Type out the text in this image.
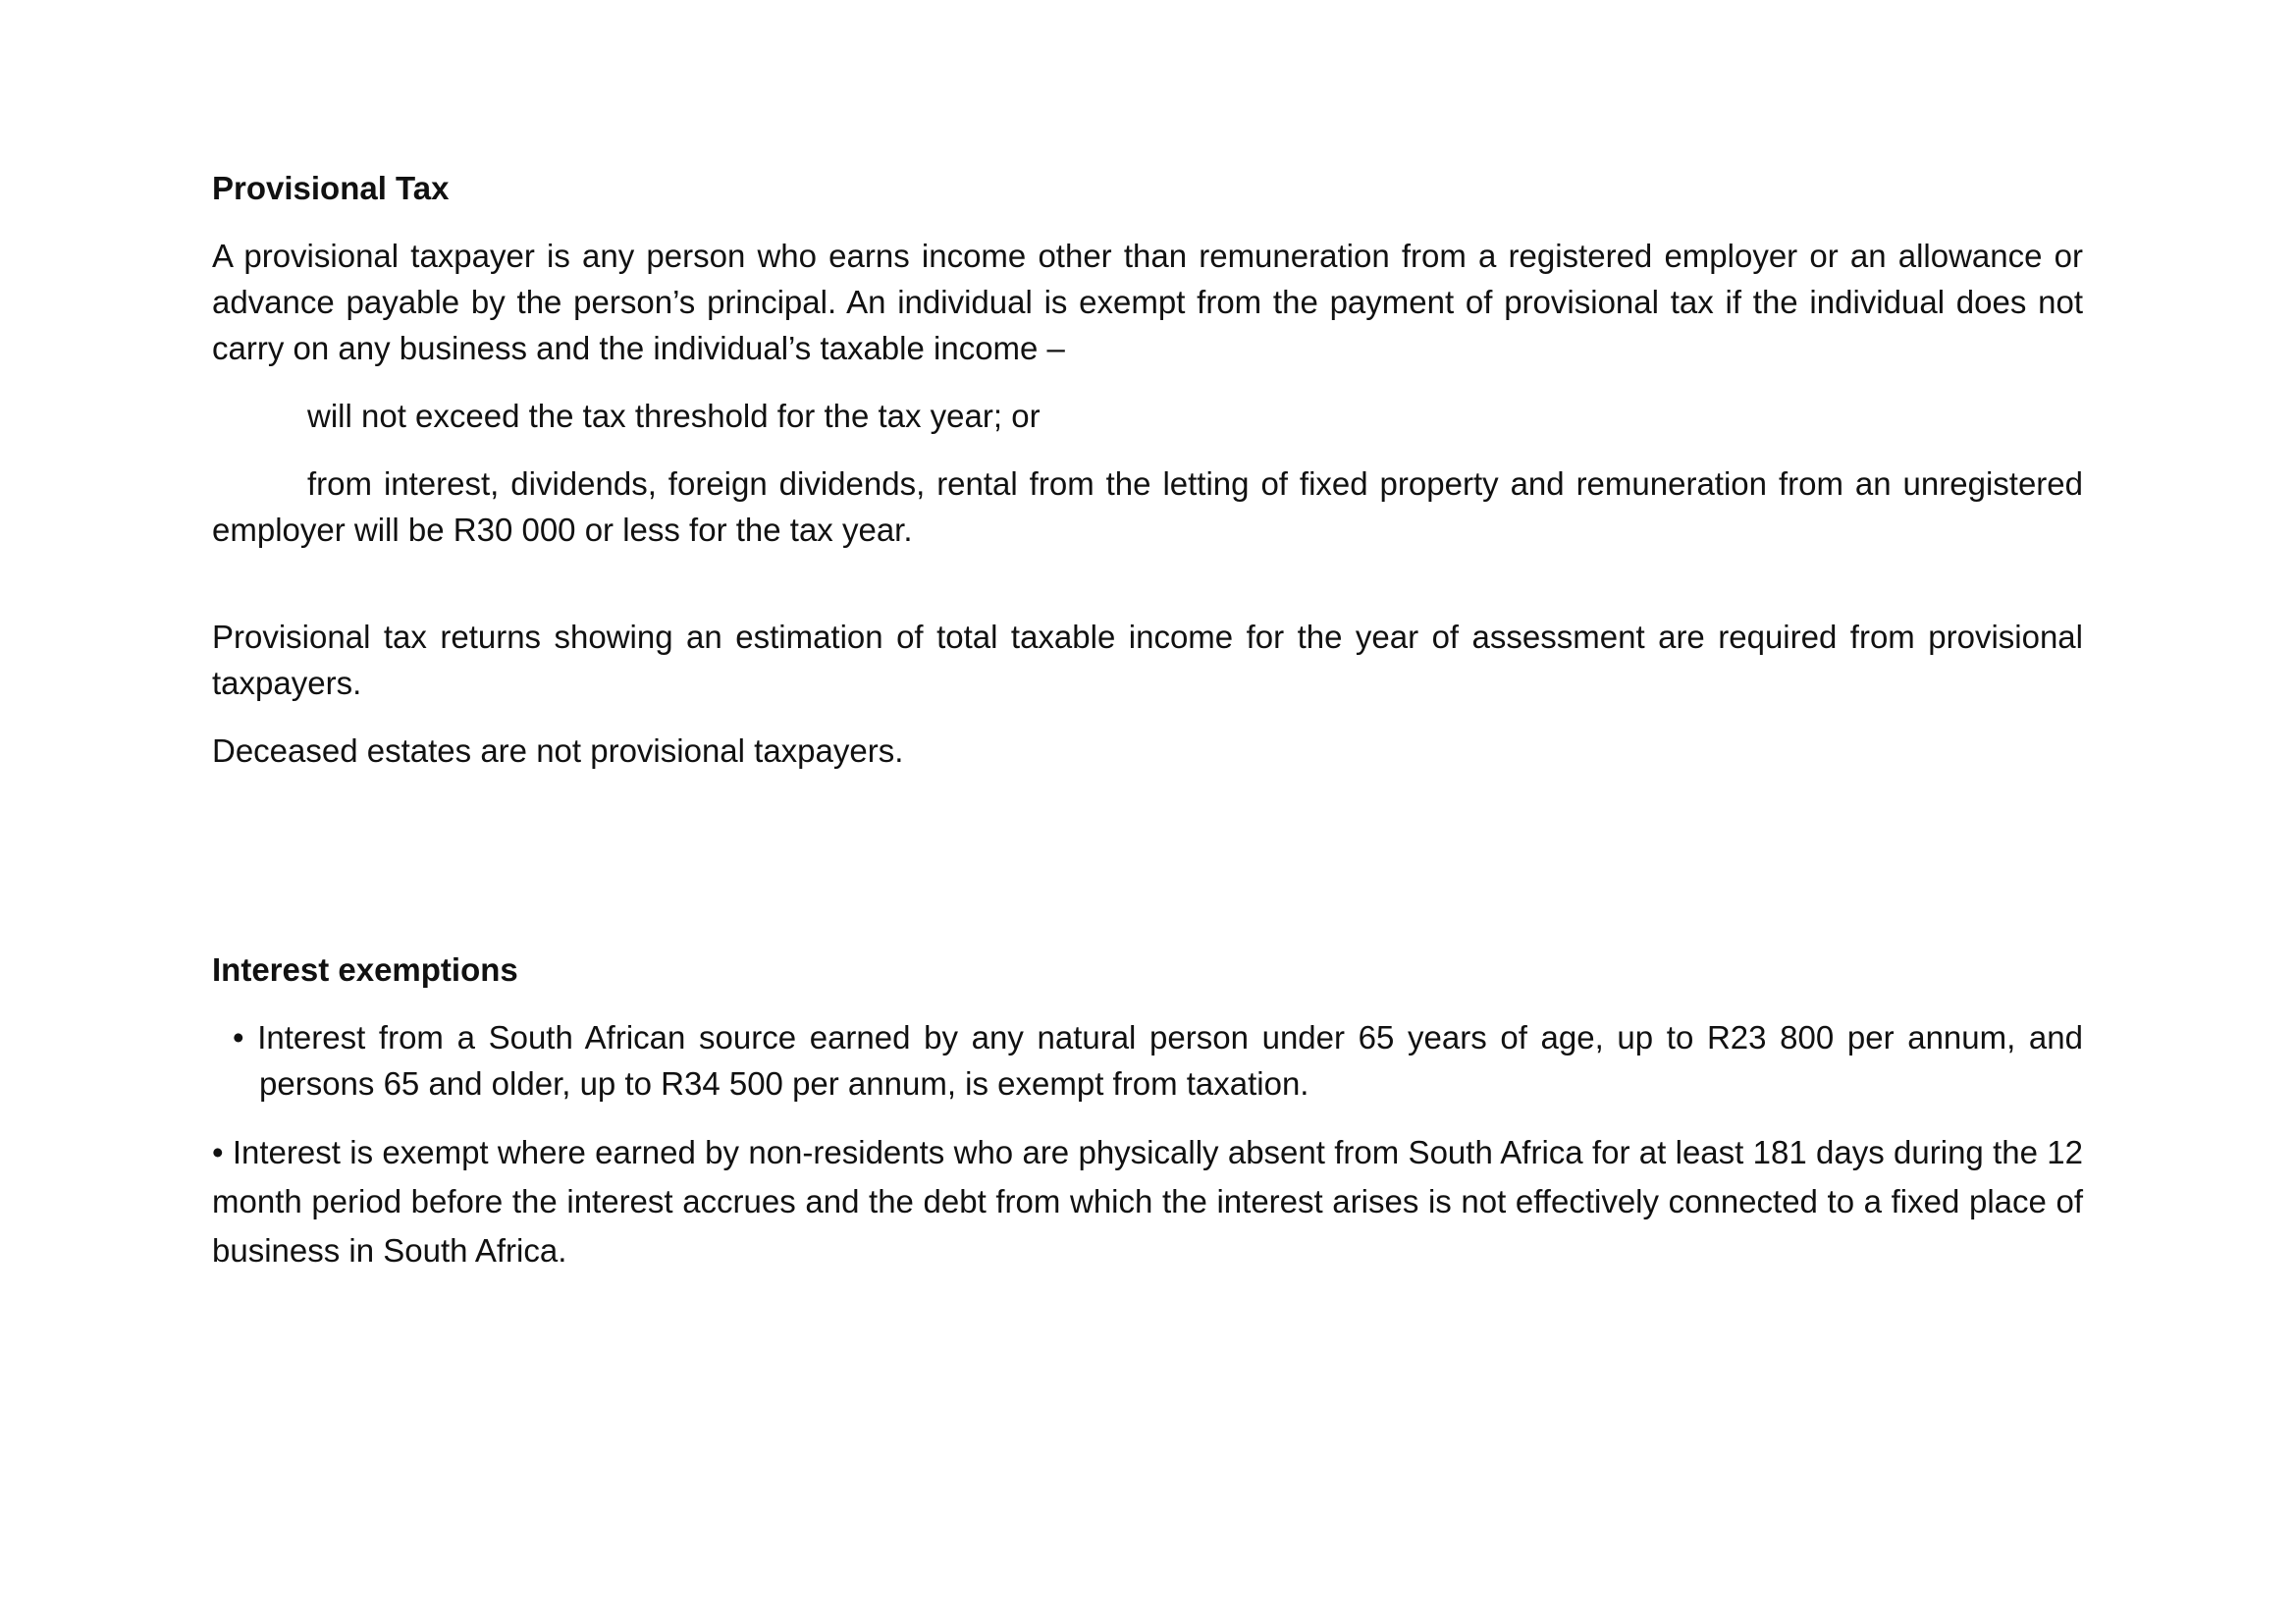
Provisional Tax

A provisional taxpayer is any person who earns income other than remuneration from a registered employer or an allowance or advance payable by the person’s principal. An individual is exempt from the payment of provisional tax if the individual does not carry on any business and the individual’s taxable income –

will not exceed the tax threshold for the tax year; or

from interest, dividends, foreign dividends, rental from the letting of fixed property and remuneration from an unregistered employer will be R30 000 or less for the tax year.

Provisional tax returns showing an estimation of total taxable income for the year of assessment are required from provisional taxpayers.

Deceased estates are not provisional taxpayers.

Interest exemptions

• Interest from a South African source earned by any natural person under 65 years of age, up to R23 800 per annum, and persons 65 and older, up to R34 500 per annum, is exempt from taxation.

• Interest is exempt where earned by non-residents who are physically absent from South Africa for at least 181 days during the 12 month period before the interest accrues and the debt from which the interest arises is not effectively connected to a fixed place of business in South Africa.
